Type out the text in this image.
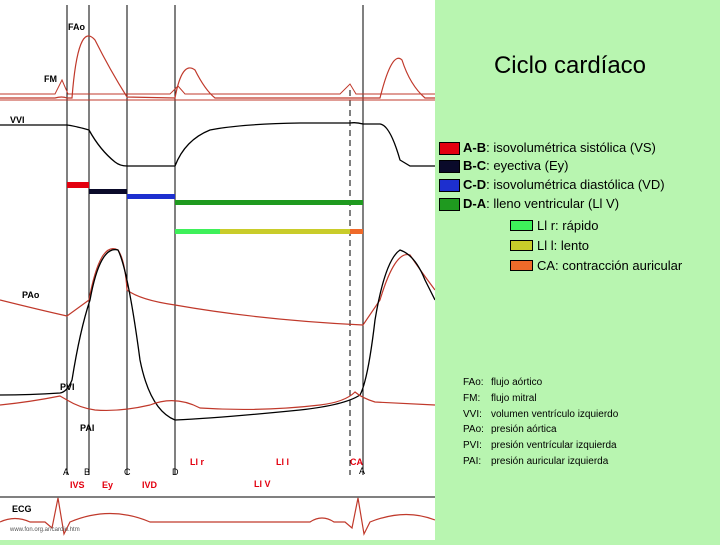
FAo
FM
VVI
PAo
PVI
PAI
ECG
A B	C	D	A
IVS Ey	IVD
Ll r	Ll l	CA
Ll V
www.fon.org.ar/cardio.htm
Ciclo cardíaco
A-B: isovolumétrica sistólica (VS)
B-C: eyectiva (Ey)
C-D: isovolumétrica diastólica (VD)
D-A: lleno ventricular (Ll V)
Ll r: rápido
Ll l: lento
CA: contracción auricular
FAo: flujo aórtico
FM: flujo mitral
VVI: volumen ventrículo izquierdo
PAo: presión aórtica
PVI: presión ventrícular izquierda
PAI: presión auricular izquierda
